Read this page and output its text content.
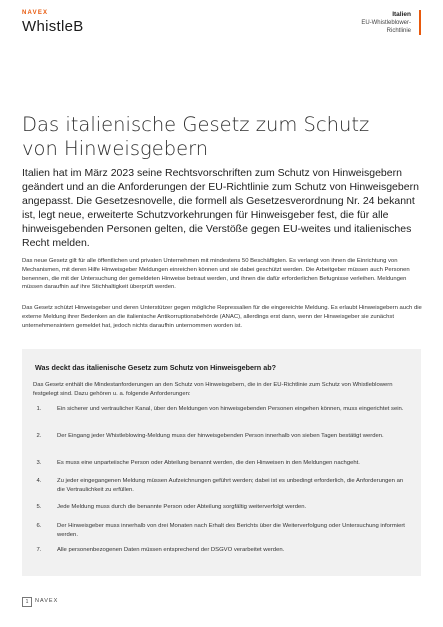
NAVEX
WhistleB
Italien
EU-Whistleblower-
Richtlinie
Das italienische Gesetz zum Schutz
von Hinweisgebern
Italien hat im März 2023 seine Rechtsvorschriften zum Schutz von Hinweisgebern geändert und an die Anforderungen der EU-Richtlinie zum Schutz von Hinweisgebern angepasst. Die Gesetzesnovelle, die formell als Gesetzesverordnung Nr. 24 bekannt ist, legt neue, erweiterte Schutzvorkehrungen für Hinweisgeber fest, die für alle hinweisgebenden Personen gelten, die Verstöße gegen EU-weites und italienisches Recht melden.
Das neue Gesetz gilt für alle öffentlichen und privaten Unternehmen mit mindestens 50 Beschäftigten. Es verlangt von ihnen die Einrichtung von Mechanismen, mit deren Hilfe Hinweisgeber Meldungen einreichen können und sie dabei geschützt werden. Die Arbeitgeber müssen auch Personen benennen, die mit der Untersuchung der gemeldeten Hinweise betraut werden, und ihnen die dafür erforderlichen Befugnisse verleihen. Meldungen müssen daraufhin auf ihre Stichhaltigkeit überprüft werden.
Das Gesetz schützt Hinweisgeber und deren Unterstützer gegen mögliche Repressalien für die eingereichte Meldung. Es erlaubt Hinweisgebern auch die externe Meldung ihrer Bedenken an die italienische Antikorruptionsbehörde (ANAC), allerdings erst dann, wenn der Hinweisgeber sie zunächst unternehmensintern gemeldet hat, jedoch nichts daraufhin unternommen worden ist.
Was deckt das italienische Gesetz zum Schutz von Hinweisgebern ab?
Das Gesetz enthält die Mindestanforderungen an den Schutz von Hinweisgebern, die in der EU-Richtlinie zum Schutz von Whistleblowern festgelegt sind. Dazu gehören u. a. folgende Anforderungen:
1.	Ein sicherer und vertraulicher Kanal, über den Meldungen von hinweisgebenden Personen eingehen können, muss eingerichtet sein.
2.	Der Eingang jeder Whistleblowing-Meldung muss der hinweisgebenden Person innerhalb von sieben Tagen bestätigt werden.
3.	Es muss eine unparteiische Person oder Abteilung benannt werden, die den Hinweisen in den Meldungen nachgeht.
4.	Zu jeder eingegangenen Meldung müssen Aufzeichnungen geführt werden; dabei ist es unbedingt erforderlich, die Anforderungen an die Vertraulichkeit zu erfüllen.
5.	Jede Meldung muss durch die benannte Person oder Abteilung sorgfältig weiterverfolgt werden.
6.	Der Hinweisgeber muss innerhalb von drei Monaten nach Erhalt des Berichts über die Weiterverfolgung oder Untersuchung informiert werden.
7.	Alle personenbezogenen Daten müssen entsprechend der DSGVO verarbeitet werden.
1	NAVEX
